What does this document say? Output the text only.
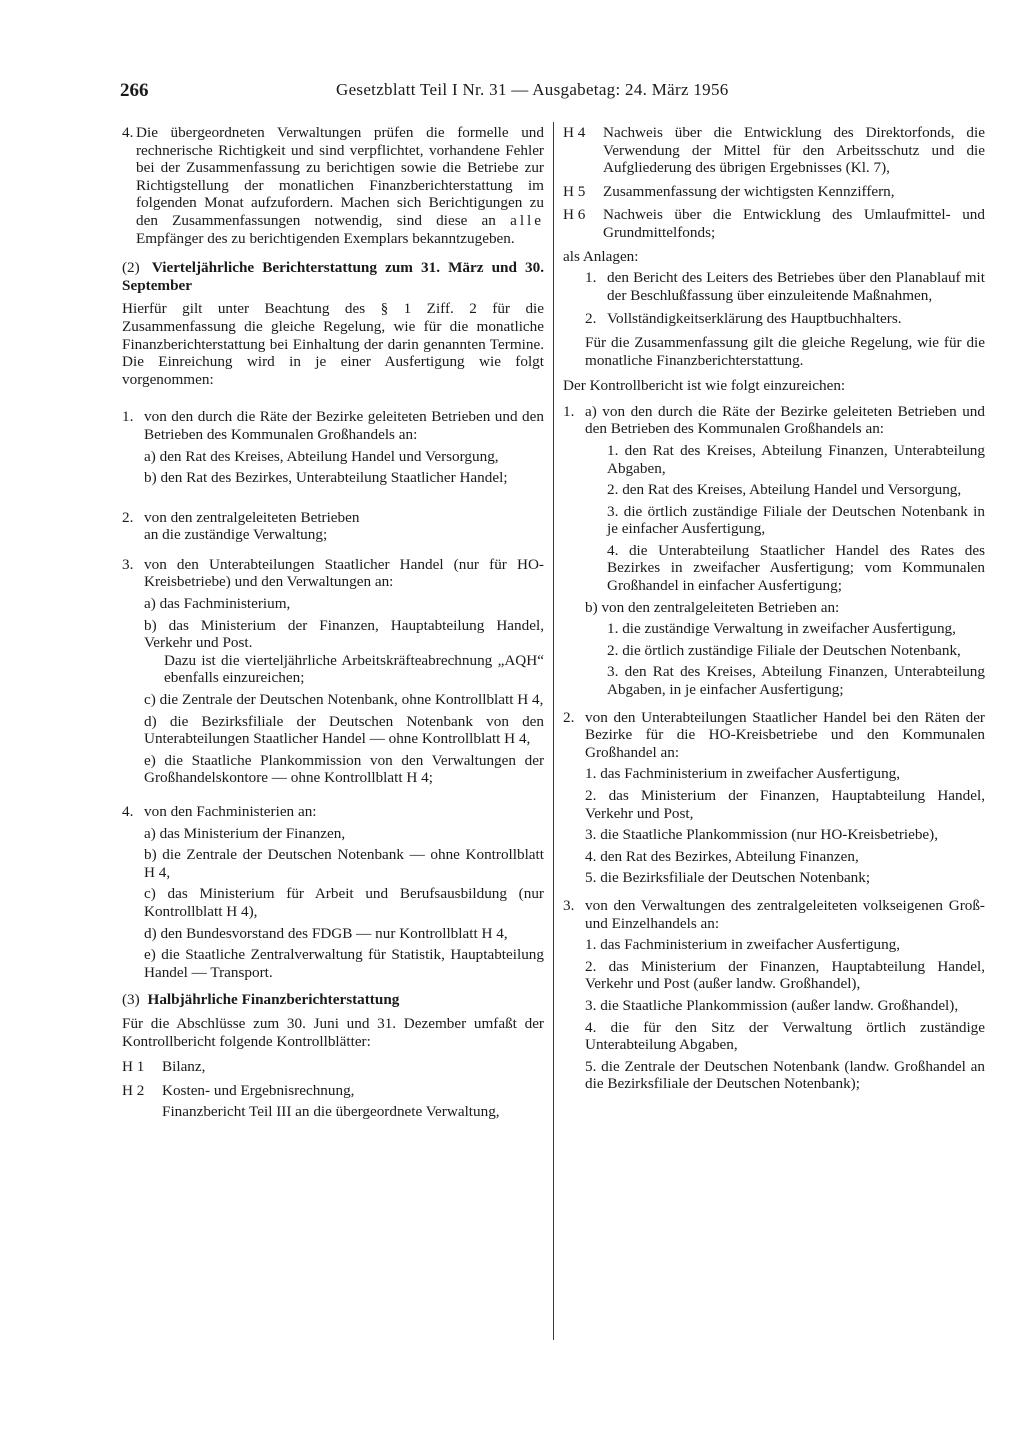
266	Gesetzblatt Teil I Nr. 31 — Ausgabetag: 24. März 1956
4. Die übergeordneten Verwaltungen prüfen die formelle und rechnerische Richtigkeit und sind verpflichtet, vorhandene Fehler bei der Zusammenfassung zu berichtigen sowie die Betriebe zur Richtigstellung der monatlichen Finanzberichterstattung im folgenden Monat aufzufordern. Machen sich Berichtigungen zu den Zusammenfassungen notwendig, sind diese an alle Empfänger des zu berichtigenden Exemplars bekanntzugeben.
(2) Vierteljährliche Berichterstattung zum 31. März und 30. September

Hierfür gilt unter Beachtung des § 1 Ziff. 2 für die Zusammenfassung die gleiche Regelung, wie für die monatliche Finanzberichterstattung bei Einhaltung der darin genannten Termine. Die Einreichung wird in je einer Ausfertigung wie folgt vorgenommen:

1. von den durch die Räte der Bezirke geleiteten Betrieben und den Betrieben des Kommunalen Großhandels an:

a) den Rat des Kreises, Abteilung Handel und Versorgung,

b) den Rat des Bezirkes, Unterabteilung Staatlicher Handel;

2. von den zentralgeleiteten Betrieben
an die zuständige Verwaltung;
3. von den Unterabteilungen Staatlicher Handel (nur für HO-Kreisbetriebe) und den Verwaltungen an:

a) das Fachministerium,

b) das Ministerium der Finanzen, Hauptabteilung Handel, Verkehr und Post.

Dazu ist die vierteljährliche Arbeitskräfteabrechnung „AQH“ ebenfalls einzureichen;

c) die Zentrale der Deutschen Notenbank, ohne Kontrollblatt H 4,

d) die Bezirksfiliale der Deutschen Notenbank von den Unterabteilungen Staatlicher Handel — ohne Kontrollblatt H 4,

e) die Staatliche Plankommission von den Verwaltungen der Großhandelskontore — ohne Kontrollblatt H 4;

4. von den Fachministerien an:

a) das Ministerium der Finanzen,

b) die Zentrale der Deutschen Notenbank — ohne Kontrollblatt H 4,

c) das Ministerium für Arbeit und Berufsausbildung (nur Kontrollblatt H 4),

d) den Bundesvorstand des FDGB — nur Kontrollblatt H 4,

e) die Staatliche Zentralverwaltung für Statistik, Hauptabteilung Handel — Transport.

(3) Halbjährliche Finanzberichterstattung

Für die Abschlüsse zum 30. Juni und 31. Dezember umfaßt der Kontrollbericht folgende Kontrollblätter:

H 1	Bilanz,
H 2	Kosten- und Ergebnisrechnung,

Finanzbericht Teil III an die übergeordnete Verwaltung,

H 4	Nachweis über die Entwicklung des Direktorfonds, die Verwendung der Mittel für den Arbeitsschutz und die Aufgliederung des übrigen Ergebnisses (Kl. 7),
H 5	Zusammenfassung der wichtigsten Kennziffern,
H 6	Nachweis über die Entwicklung des Umlaufmittel- und Grundmittelfonds;

als Anlagen:

1. den Bericht des Leiters des Betriebes über den Planablauf mit der Beschlußfassung über einzuleitende Maßnahmen,
2. Vollständigkeitserklärung des Hauptbuchhalters.

Für die Zusammenfassung gilt die gleiche Regelung, wie für die monatliche Finanzberichterstattung.

Der Kontrollbericht ist wie folgt einzureichen:

1. a) von den durch die Räte der Bezirke geleiteten Betrieben und den Betrieben des Kommunalen Großhandels an:

1. den Rat des Kreises, Abteilung Finanzen, Unterabteilung Abgaben,

2. den Rat des Kreises, Abteilung Handel und Versorgung,

3. die örtlich zuständige Filiale der Deutschen Notenbank in je einfacher Ausfertigung,

4. die Unterabteilung Staatlicher Handel des Rates des Bezirkes in zweifacher Ausfertigung; vom Kommunalen Großhandel in einfacher Ausfertigung;

b) von den zentralgeleiteten Betrieben an:

1. die zuständige Verwaltung in zweifacher Ausfertigung,

2. die örtlich zuständige Filiale der Deutschen Notenbank,

3. den Rat des Kreises, Abteilung Finanzen, Unterabteilung Abgaben, in je einfacher Ausfertigung;

2. von den Unterabteilungen Staatlicher Handel bei den Räten der Bezirke für die HO-Kreisbetriebe und den Kommunalen Großhandel an:

1. das Fachministerium in zweifacher Ausfertigung,

2. das Ministerium der Finanzen, Hauptabteilung Handel, Verkehr und Post,

3. die Staatliche Plankommission (nur HO-Kreisbetriebe),

4. den Rat des Bezirkes, Abteilung Finanzen,

5. die Bezirksfiliale der Deutschen Notenbank;

3. von den Verwaltungen des zentralgeleiteten volkseigenen Groß- und Einzelhandels an:

1. das Fachministerium in zweifacher Ausfertigung,

2. das Ministerium der Finanzen, Hauptabteilung Handel, Verkehr und Post (außer landw. Großhandel),

3. die Staatliche Plankommission (außer landw. Großhandel),

4. die für den Sitz der Verwaltung örtlich zuständige Unterabteilung Abgaben,

5. die Zentrale der Deutschen Notenbank (landw. Großhandel an die Bezirksfiliale der Deutschen Notenbank);
